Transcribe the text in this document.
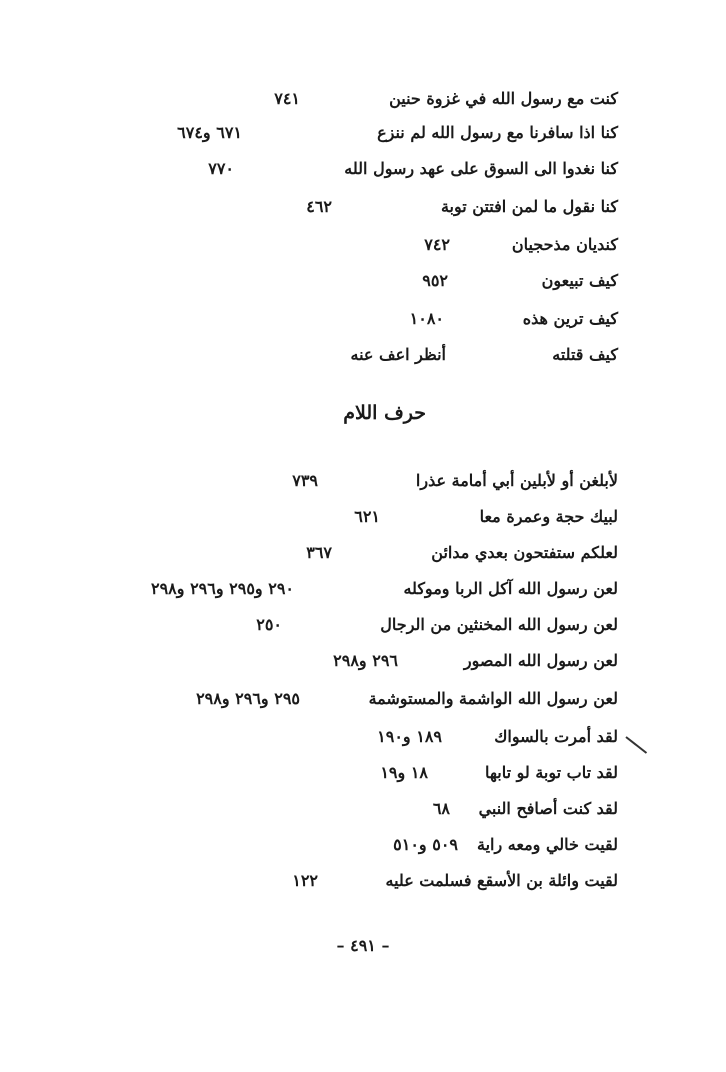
كنت مع رسول الله في غزوة حنين
٧٤١
كنا اذا سافرنا مع رسول الله لم ننزع
٦٧١ و٦٧٤
كنا نغدوا الى السوق على عهد رسول الله
٧٧٠
كنا نقول ما لمن افتتن توبة
٤٦٢
كنديان مذحجيان
٧٤٢
كيف تبيعون
٩٥٢
كيف ترين هذه
١٠٨٠
كيف قتلته
أنظر اعف عنه
حرف اللام
لأبلغن أو لأبلين أبي أمامة عذرا
٧٣٩
لبيك حجة وعمرة معا
٦٢١
لعلكم ستفتحون بعدي مدائن
٣٦٧
لعن رسول الله آكل الربا وموكله
٢٩٠ و٢٩٥ و٢٩٦ و٢٩٨
لعن رسول الله المخنثين من الرجال
٢٥٠
لعن رسول الله المصور
٢٩٦ و٢٩٨
لعن رسول الله الواشمة والمستوشمة
٢٩٥ و٢٩٦ و٢٩٨
لقد أمرت بالسواك
١٨٩ و١٩٠
لقد تاب توبة لو تابها
١٨ و١٩
لقد كنت أصافح النبي
٦٨
لقيت خالي ومعه راية
٥٠٩ و٥١٠
لقيت وائلة بن الأسقع فسلمت عليه
١٢٢
– ٤٩١ –
